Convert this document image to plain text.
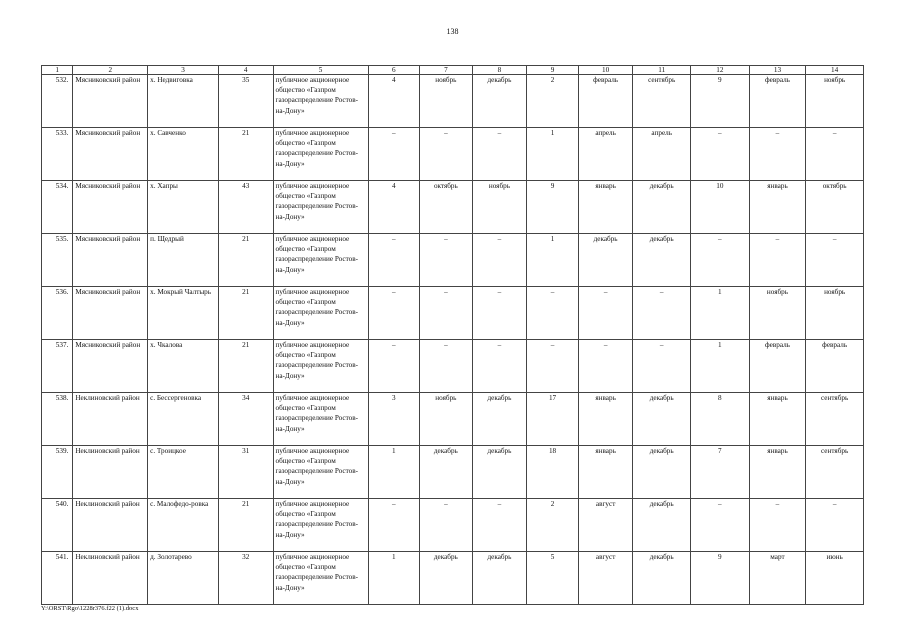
138
1	2	3	4	5	6	7	8	9	10	11	12	13	14
532.	Мясниковский район	х. Недвиговка	35	публичное акционерное общество «Газпром газораспределение Ростов-на-Дону»	4	ноябрь	декабрь	2	февраль	сентябрь	9	февраль	ноябрь
533.	Мясниковский район	х. Савченко	21	публичное акционерное общество «Газпром газораспределение Ростов-на-Дону»	–	–	–	1	апрель	апрель	–	–	–
534.	Мясниковский район	х. Хапры	43	публичное акционерное общество «Газпром газораспределение Ростов-на-Дону»	4	октябрь	ноябрь	9	январь	декабрь	10	январь	октябрь
535.	Мясниковский район	п. Щедрый	21	публичное акционерное общество «Газпром газораспределение Ростов-на-Дону»	–	–	–	1	декабрь	декабрь	–	–	–
536.	Мясниковский район	х. Мокрый Чалтырь	21	публичное акционерное общество «Газпром газораспределение Ростов-на-Дону»	–	–	–	–	–	–	1	ноябрь	ноябрь
537.	Мясниковский район	х. Чкалова	21	публичное акционерное общество «Газпром газораспределение Ростов-на-Дону»	–	–	–	–	–	–	1	февраль	февраль
538.	Неклиновский район	с. Бессергеновка	34	публичное акционерное общество «Газпром газораспределение Ростов-на-Дону»	3	ноябрь	декабрь	17	январь	декабрь	8	январь	сентябрь
539.	Неклиновский район	с. Троицкое	31	публичное акционерное общество «Газпром газораспределение Ростов-на-Дону»	1	декабрь	декабрь	18	январь	декабрь	7	январь	сентябрь
540.	Неклиновский район	с. Малофедо-ровка	21	публичное акционерное общество «Газпром газораспределение Ростов-на-Дону»	–	–	–	2	август	декабрь	–	–	–
541.	Неклиновский район	д. Золотарево	32	публичное акционерное общество «Газпром газораспределение Ростов-на-Дону»	1	декабрь	декабрь	5	август	декабрь	9	март	июнь
Y:\ORST\Rgo\1228r376.f22 (1).docx
